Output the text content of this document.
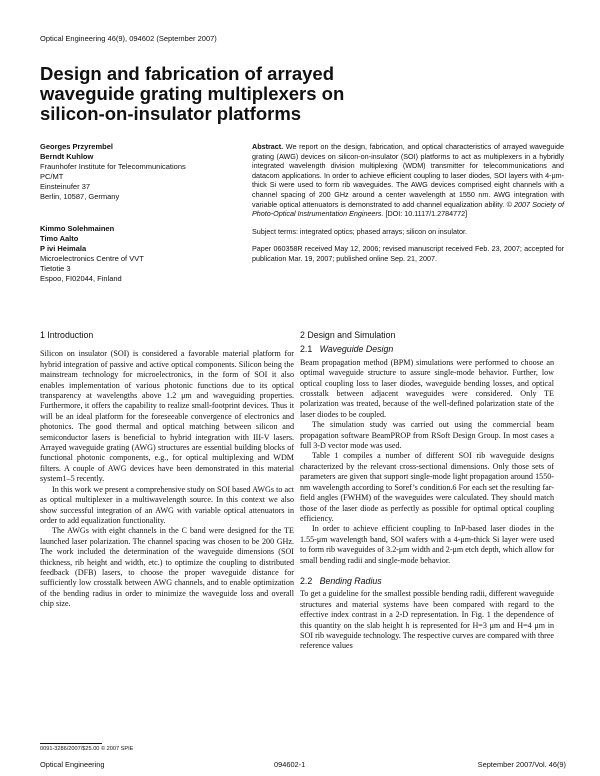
Optical Engineering 46(9), 094602 (September 2007)
Design and fabrication of arrayed waveguide grating multiplexers on silicon-on-insulator platforms
Georges Przyrembel
Berndt Kuhlow
Fraunhofer Institute for Telecommunications
PC/MT
Einsteinufer 37
Berlin, 10587, Germany
Kimmo Solehmainen
Timo Aalto
P ivi Heimala
Microelectronics Centre of VVT
Tietotie 3
Espoo, FI02044, Finland

Abstract. We report on the design, fabrication, and optical characteristics of arrayed waveguide grating (AWG) devices on silicon-on-insulator (SOI) platforms to act as multiplexers in a hybridly integrated wavelength division multiplexing (WDM) transmitter for telecommunications and datacom applications. In order to achieve efficient coupling to laser diodes, SOI layers with 4-μm-thick Si were used to form rib waveguides. The AWG devices comprised eight channels with a channel spacing of 200 GHz around a center wavelength at 1550 nm. AWG integration with variable optical attenuators is demonstrated to add channel equalization ability. © 2007 Society of Photo-Optical Instrumentation Engineers. [DOI: 10.1117/1.2784772]

Subject terms: integrated optics; phased arrays; silicon on insulator.

Paper 060358R received May 12, 2006; revised manuscript received Feb. 23, 2007; accepted for publication Mar. 19, 2007; published online Sep. 21, 2007.

1 Introduction

Silicon on insulator (SOI) is considered a favorable material platform for hybrid integration of passive and active optical components. Silicon being the mainstream technology for microelectronics, in the form of SOI it also enables implementation of various photonic functions due to its optical transparency at wavelengths above 1.2 μm and waveguiding properties. Furthermore, it offers the capability to realize small-footprint devices. Thus it will be an ideal platform for the foreseeable convergence of electronics and photonics. The good thermal and optical matching between silicon and semiconductor lasers is beneficial to hybrid integration with III-V lasers. Arrayed waveguide grating (AWG) structures are essential building blocks of functional photonic components, e.g., for optical multiplexing and WDM filters. A couple of AWG devices have been demonstrated in this material system1–5 recently.

In this work we present a comprehensive study on SOI based AWGs to act as optical multiplexer in a multiwavelength source. In this context we also show successful integration of an AWG with variable optical attenuators in order to add equalization functionality.

The AWGs with eight channels in the C band were designed for the TE launched laser polarization. The channel spacing was chosen to be 200 GHz. The work included the determination of the waveguide dimensions (SOI thickness, rib height and width, etc.) to optimize the coupling to distributed feedback (DFB) lasers, to choose the proper waveguide distance for sufficiently low crosstalk between AWG channels, and to enable optimization of the bending radius in order to minimize the waveguide loss and overall chip size.

2 Design and Simulation
2.1 Waveguide Design

Beam propagation method (BPM) simulations were performed to choose an optimal waveguide structure to assure single-mode behavior. Further, low optical coupling loss to laser diodes, waveguide bending losses, and optical crosstalk between adjacent waveguides were considered. Only TE polarization was treated, because of the well-defined polarization state of the laser diodes to be coupled.

The simulation study was carried out using the commercial beam propagation software BeamPROP from RSoft Design Group. In most cases a full 3-D vector mode was used.

Table 1 compiles a number of different SOI rib waveguide designs characterized by the relevant cross-sectional dimensions. Only those sets of parameters are given that support single-mode light propagation around 1550-nm wavelength according to Soref’s condition.6 For each set the resulting far-field angles (FWHM) of the waveguides were calculated. They should match those of the laser diode as perfectly as possible for optimal optical coupling efficiency.

In order to achieve efficient coupling to InP-based laser diodes in the 1.55-μm wavelength band, SOI wafers with a 4-μm-thick Si layer were used to form rib waveguides of 3.2-μm width and 2-μm etch depth, which allow for small bending radii and single-mode behavior.

2.2 Bending Radius

To get a guideline for the smallest possible bending radii, different waveguide structures and material systems have been compared with regard to the effective index contrast in a 2-D representation. In Fig. 1 the dependence of this quantity on the slab height h is represented for H=3 μm and H=4 μm in SOI rib waveguide technology. The respective curves are compared with three reference values

0091-3286/2007/$25.00 © 2007 SPIE
Optical Engineering	094602-1	September 2007/Vol. 46(9)
